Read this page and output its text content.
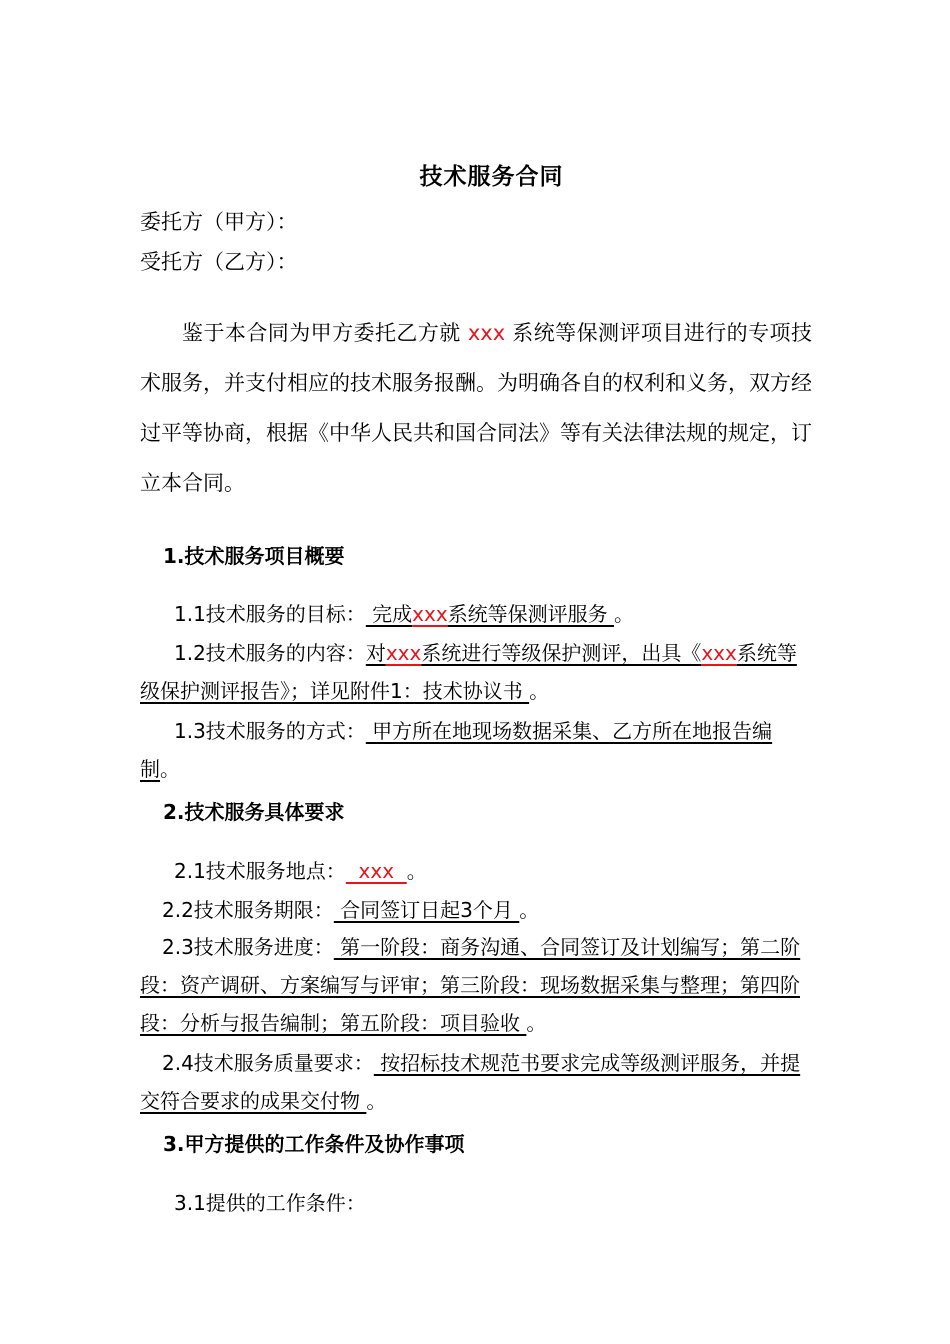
技术服务合同
委托方（甲方）：
受托方（乙方）：
鉴于本合同为甲方委托乙方就 xxx 系统等保测评项目进行的专项技术服务，并支付相应的技术服务报酬。为明确各自的权利和义务，双方经过平等协商，根据《中华人民共和国合同法》等有关法律法规的规定，订立本合同。
1.技术服务项目概要
1.1技术服务的目标： 完成xxx系统等保测评服务 。
1.2技术服务的内容：对xxx系统进行等级保护测评，出具《xxx系统等级保护测评报告》；详见附件1：技术协议书 。
1.3技术服务的方式： 甲方所在地现场数据采集、乙方所在地报告编制。
2.技术服务具体要求
2.1技术服务地点：  xxx  。
2.2技术服务期限： 合同签订日起3个月 。
2.3技术服务进度： 第一阶段：商务沟通、合同签订及计划编写；第二阶段：资产调研、方案编写与评审；第三阶段：现场数据采集与整理；第四阶段：分析与报告编制；第五阶段：项目验收 。
2.4技术服务质量要求： 按招标技术规范书要求完成等级测评服务，并提交符合要求的成果交付物 。
3.甲方提供的工作条件及协作事项
3.1提供的工作条件：
